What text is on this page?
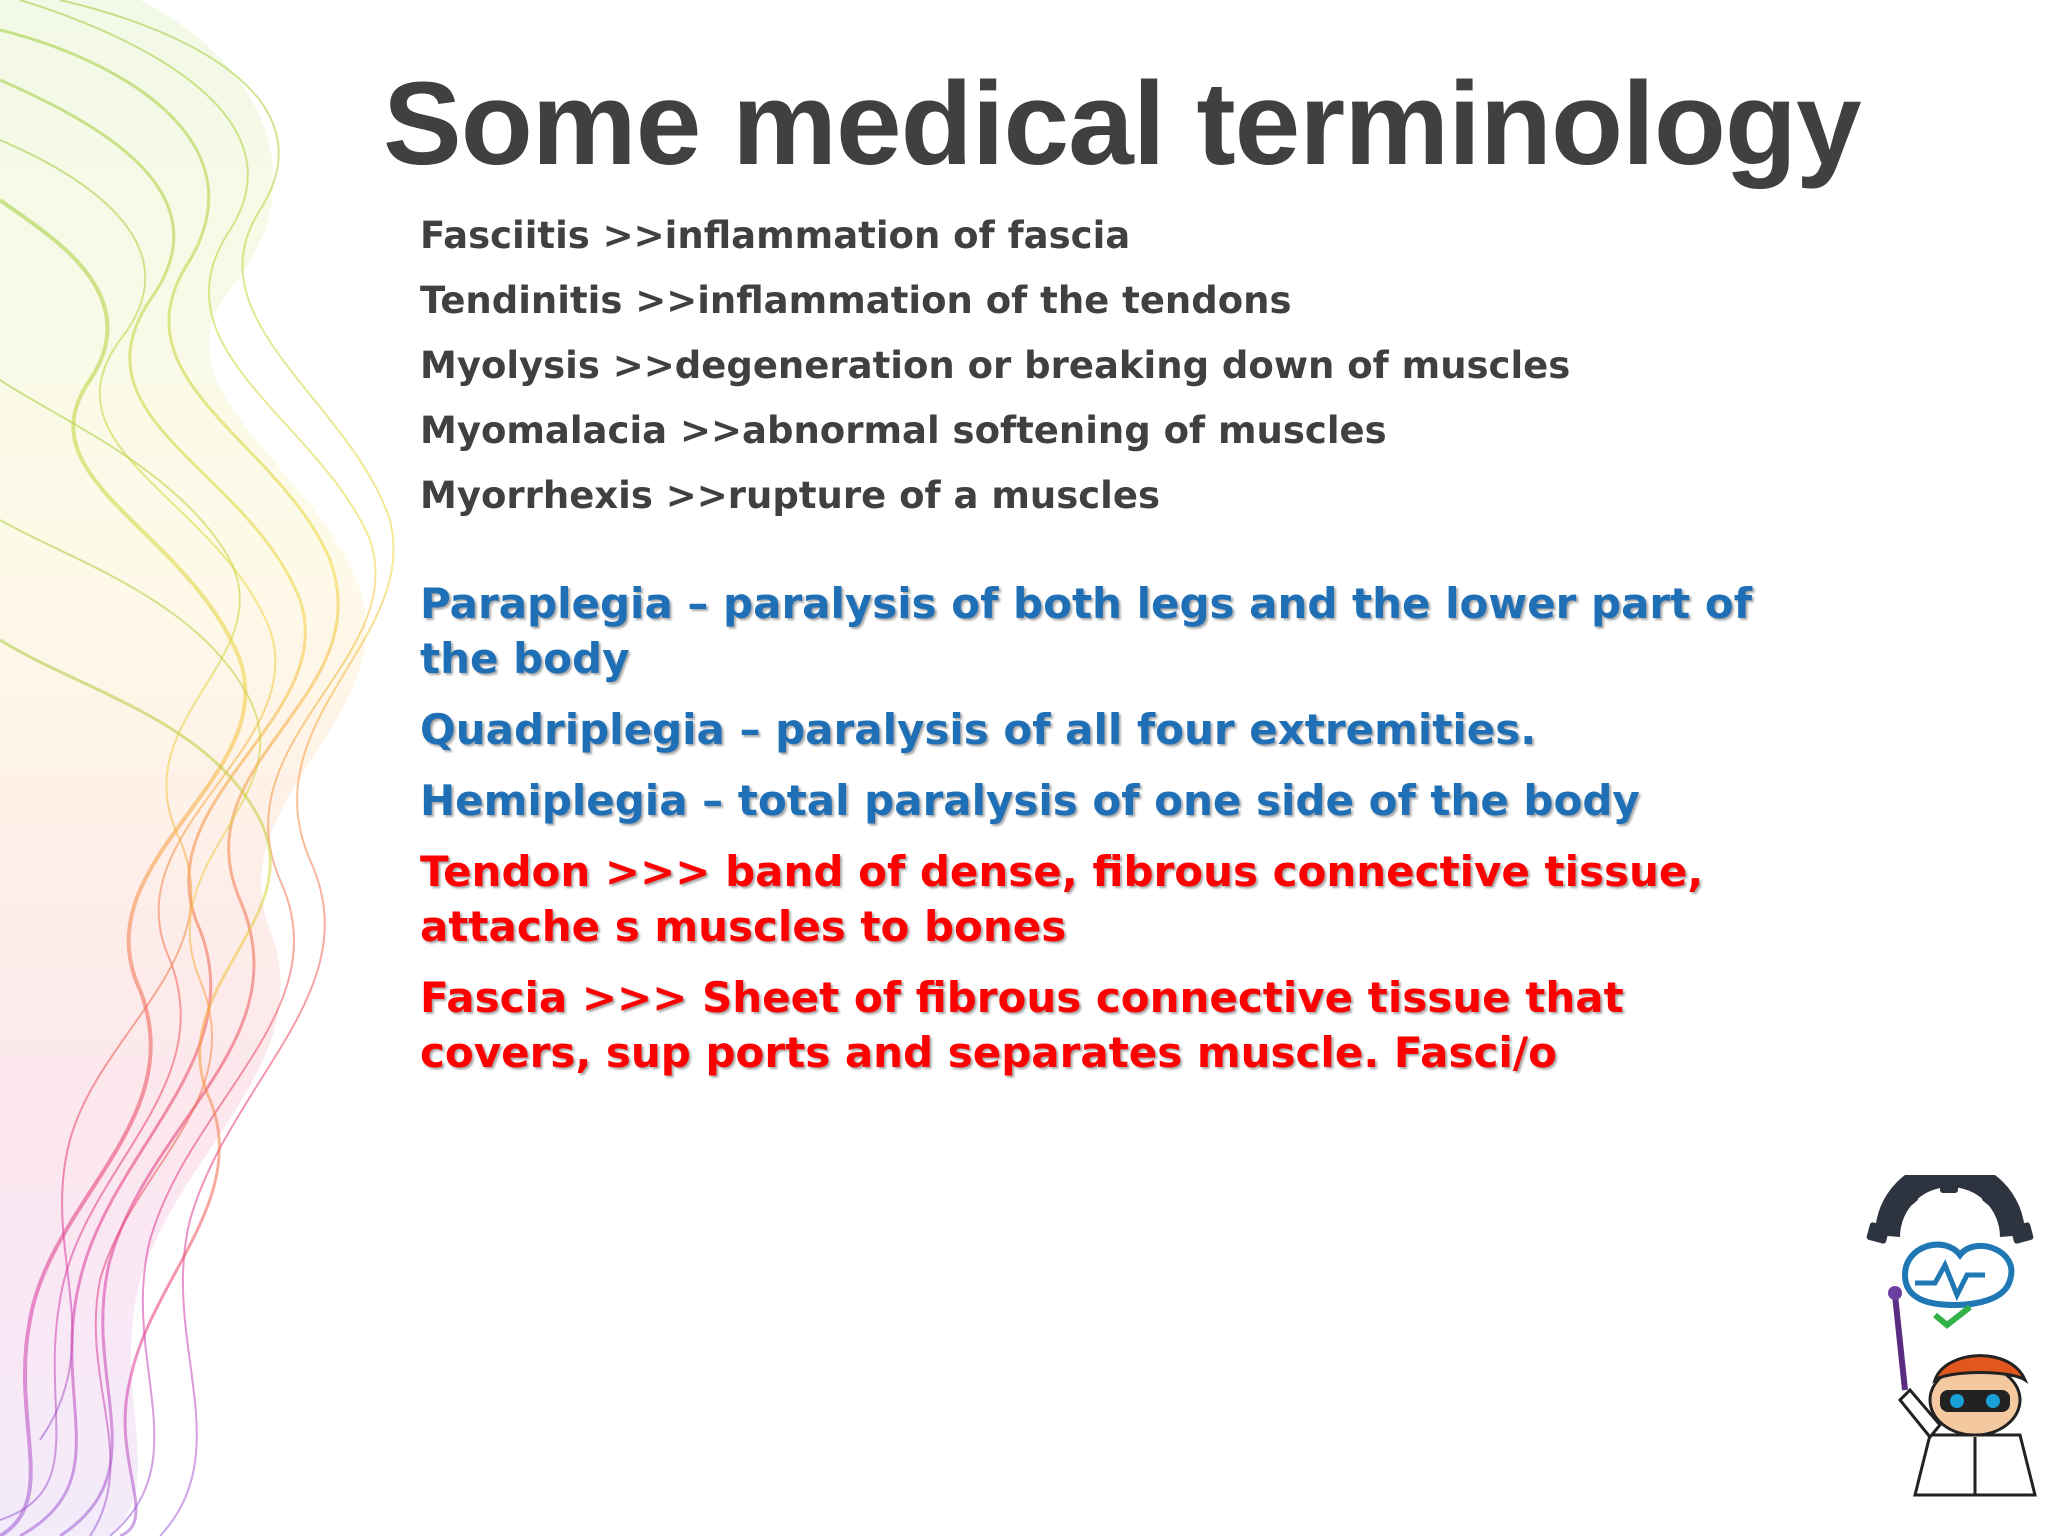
Some medical terminology
Fasciitis >>inflammation of fascia
Tendinitis >>inflammation of the tendons
Myolysis >>degeneration or breaking down of muscles
Myomalacia >>abnormal softening of muscles
Myorrhexis >>rupture of a muscles
Paraplegia – paralysis of both legs and the lower part of the body
Quadriplegia – paralysis of all four extremities.
Hemiplegia – total paralysis of one side of the body
Tendon >>> band of dense, fibrous connective tissue, attache s muscles to bones
Fascia >>> Sheet of fibrous connective tissue that covers, sup ports and separates muscle. Fasci/o
